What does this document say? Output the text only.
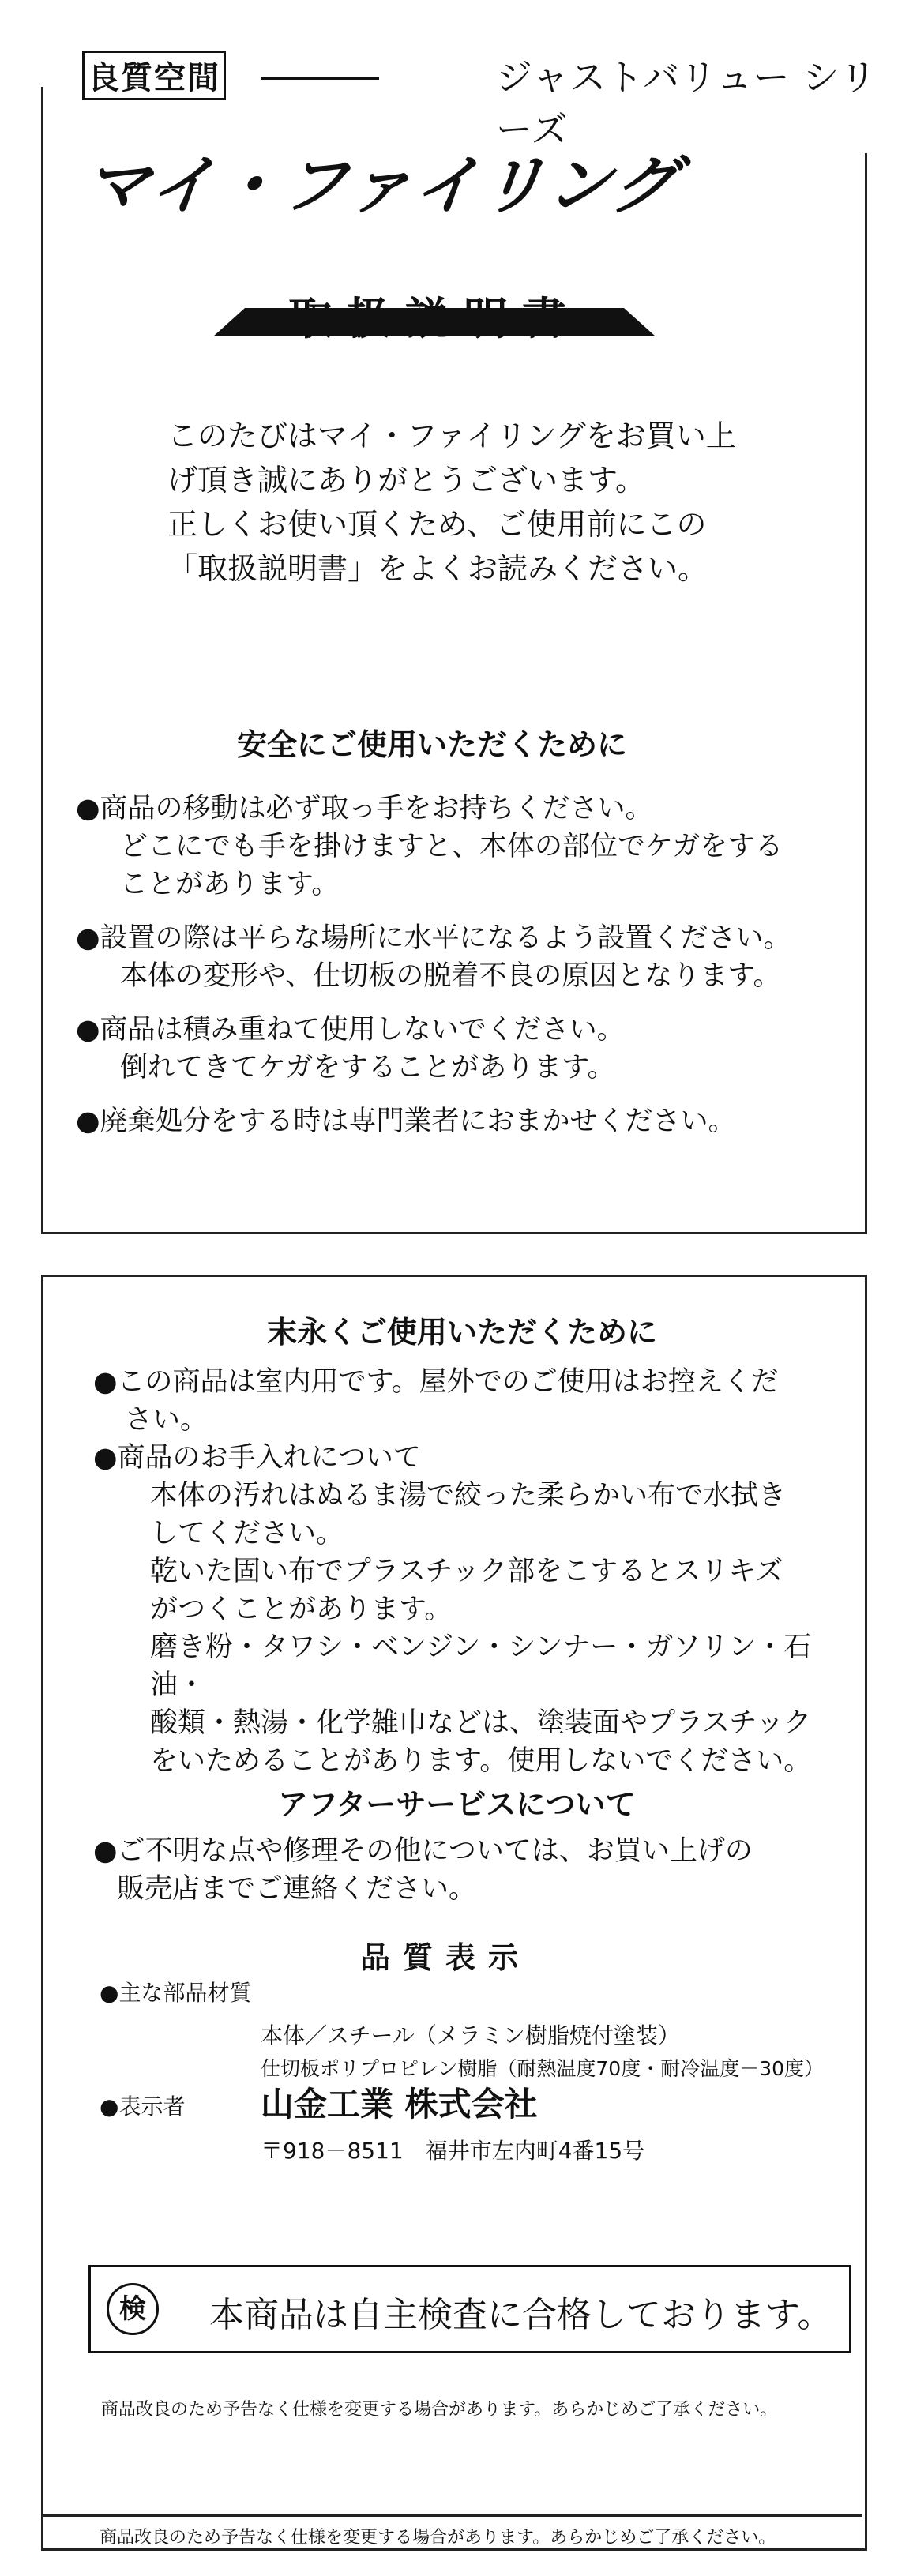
良質空間	ジャストバリュー シリーズ
マイ・ファイリング
取扱説明書
このたびはマイ・ファイリングをお買い上
げ頂き誠にありがとうございます。
正しくお使い頂くため、ご使用前にこの
「取扱説明書」をよくお読みください。
安全にご使用いただくために
● 商品の移動は必ず取っ手をお持ちください。
どこにでも手を掛けますと、本体の部位でケガをする
ことがあります。
● 設置の際は平らな場所に水平になるよう設置ください。
本体の変形や、仕切板の脱着不良の原因となります。
● 商品は積み重ねて使用しないでください。
倒れてきてケガをすることがあります。
● 廃棄処分をする時は専門業者におまかせください。
末永くご使用いただくために
● この商品は室内用です。屋外でのご使用はお控えくだ
さい。
● 商品のお手入れについて
本体の汚れはぬるま湯で絞った柔らかい布で水拭き
してください。
乾いた固い布でプラスチック部をこするとスリキズ
がつくことがあります。
磨き粉・タワシ・ベンジン・シンナー・ガソリン・石油・
酸類・熱湯・化学雑巾などは、塗装面やプラスチック
をいためることがあります。使用しないでください。
アフターサービスについて
● ご不明な点や修理その他については、お買い上げの
販売店までご連絡ください。
品質表示
● 主な部品材質
本体／スチール（メラミン樹脂焼付塗装）
仕切板ポリプロピレン樹脂（耐熱温度70度・耐冷温度－30度）
● 表示者 山金工業 株式会社
〒918－8511　福井市左内町4番15号
検	本商品は自主検査に合格しております。
商品改良のため予告なく仕様を変更する場合があります。あらかじめご了承ください。
商品改良のため予告なく仕様を変更する場合があります。あらかじめご了承ください。
